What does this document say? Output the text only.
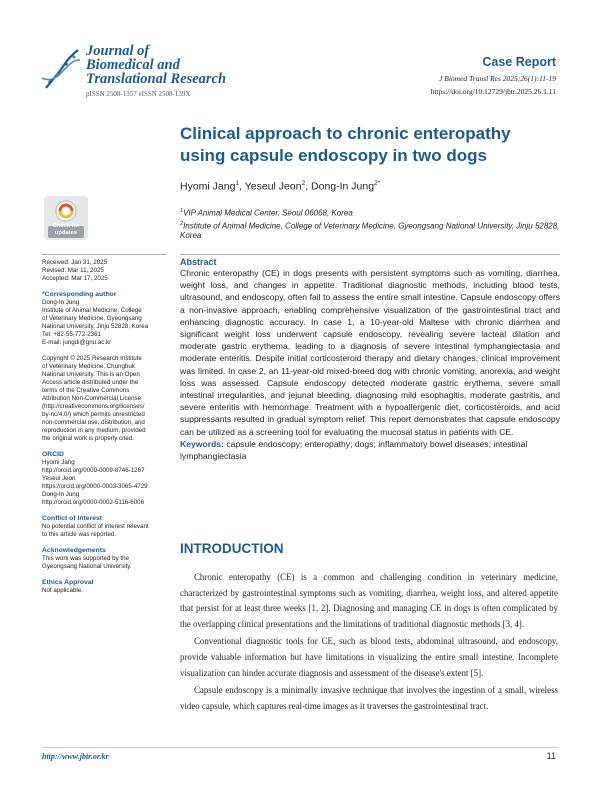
Journal of
Biomedical and
Translational Research
pISSN 2508-1357 eISSN 2508-139X
Case Report
J Biomed Transl Res 2025;26(1):11-19
https://doi.org/10.12729/jbtr.2025.26.1.11
Clinical approach to chronic enteropathy using capsule endoscopy in two dogs
Hyomi Jang$^1$, Yeseul Jeon$^2$, Dong-In Jung$^{2*}$
$^1$VIP Animal Medical Center, Seoul 06068, Korea
$^2$Institute of Animal Medicine, College of Veterinary Medicine, Gyeongsang National University, Jinju 52828, Korea
Check for updates
Received: Jan 31, 2025
Revised: Mar 11, 2025
Accepted: Mar 17, 2025
*Corresponding author
Dong-In Jung
Institute of Animal Medicine, College
of Veterinary Medicine, Gyeongsang
National University, Jinju 52828, Korea
Tel: +82-55-772-2361
E-mail: jungdi@gnu.ac.kr
Copyright © 2025 Research Institute
of Veterinary Medicine, Chungbuk
National University. This is an Open
Access article distributed under the
terms of the Creative Commons
Attribution Non-Commercial License
(http://creativecommons.org/licenses/
by-nc/4.0/) which permits unrestricted
non-commercial use, distribution, and
reproduction in any medium, provided
the original work is properly cited.
ORCID
Hyomi Jang
http://orcid.org/0009-0009-8746-1267
Yeseul Jeon
https://orcid.org/0000-0003-3065-4729
Dong-In Jung
http://orcid.org/0000-0002-5116-6006
Conflict of Interest
No potential conflict of interest relevant
to this article was reported.
Acknowledgements
This work was supported by the
Gyeongsang National University.
Ethics Approval
Not applicable.
Abstract
Chronic enteropathy (CE) in dogs presents with persistent symptoms such as vomiting, diarrhea, weight loss, and changes in appetite. Traditional diagnostic methods, including blood tests, ultrasound, and endoscopy, often fail to assess the entire small intestine. Capsule endoscopy offers a non-invasive approach, enabling comprehensive visualization of the gastrointestinal tract and enhancing diagnostic accuracy. In case 1, a 10-year-old Maltese with chronic diarrhea and significant weight loss underwent capsule endoscopy, revealing severe lacteal dilation and moderate gastric erythema, leading to a diagnosis of severe intestinal lymphangiectasia and moderate enteritis. Despite initial corticosteroid therapy and dietary changes, clinical improvement was limited. In case 2, an 11-year-old mixed-breed dog with chronic vomiting, anorexia, and weight loss was assessed. Capsule endoscopy detected moderate gastric erythema, severe small intestinal irregularities, and jejunal bleeding, diagnosing mild esophagitis, moderate gastritis, and severe enteritis with hemorrhage. Treatment with a hypoallergenic diet, corticosteroids, and acid suppressants resulted in gradual symptom relief. This report demonstrates that capsule endoscopy can be utilized as a screening tool for evaluating the mucosal status in patients with CE.
Keywords: capsule endoscopy; enteropathy; dogs; inflammatory bowel diseases; intestinal lymphangiectasia
INTRODUCTION

Chronic enteropathy (CE) is a common and challenging condition in veterinary medicine, characterized by gastrointestinal symptoms such as vomiting, diarrhea, weight loss, and altered appetite that persist for at least three weeks [1, 2]. Diagnosing and managing CE in dogs is often complicated by the overlapping clinical presentations and the limitations of traditional diagnostic methods [3, 4].

Conventional diagnostic tools for CE, such as blood tests, abdominal ultrasound, and endoscopy, provide valuable information but have limitations in visualizing the entire small intestine. Incomplete visualization can hinder accurate diagnosis and assessment of the disease's extent [5].

Capsule endoscopy is a minimally invasive technique that involves the ingestion of a small, wireless video capsule, which captures real-time images as it traverses the gastrointestinal tract.

http://www.jbtr.or.kr	11
